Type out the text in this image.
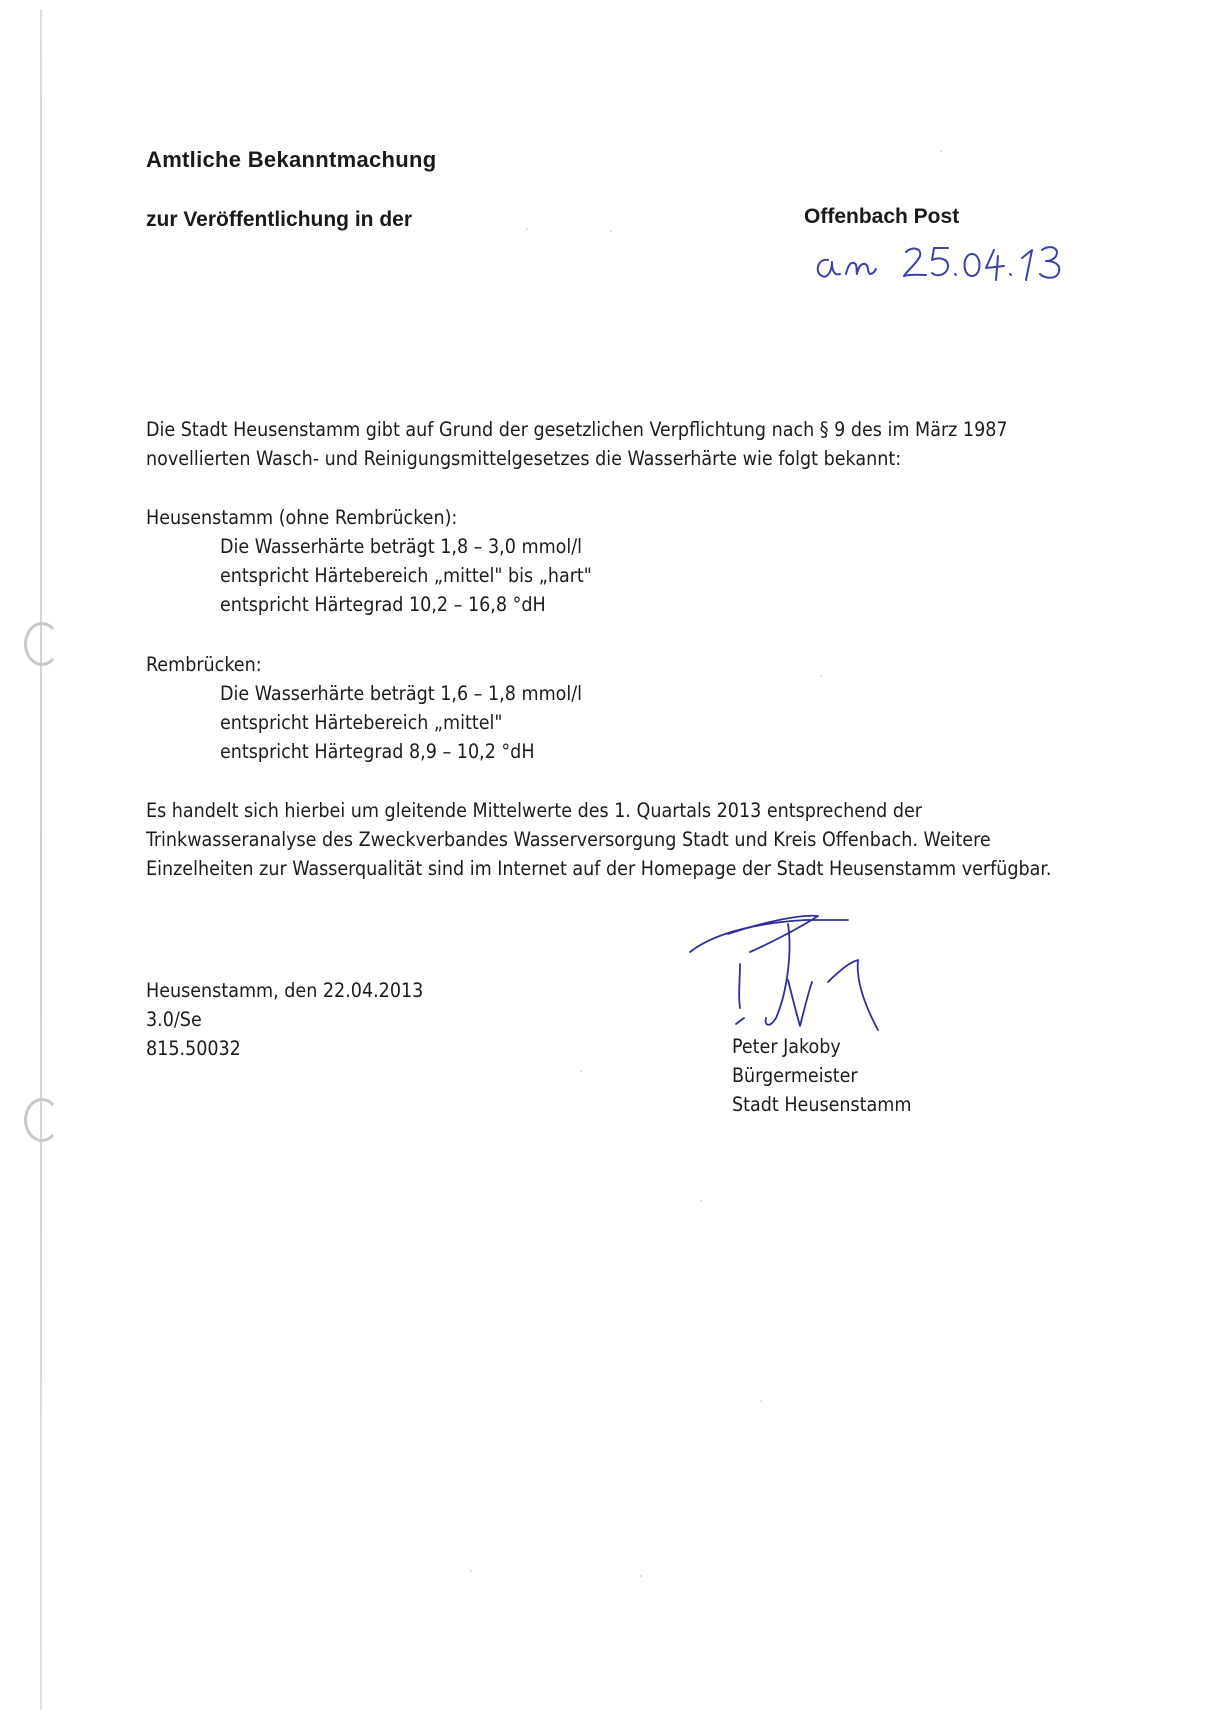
Amtliche Bekanntmachung
zur Veröffentlichung in der	Offenbach Post
Die Stadt Heusenstamm gibt auf Grund der gesetzlichen Verpflichtung nach § 9 des im März 1987
novellierten Wasch- und Reinigungsmittelgesetzes die Wasserhärte wie folgt bekannt:
Heusenstamm (ohne Rembrücken):
Die Wasserhärte beträgt 1,8 – 3,0 mmol/l
entspricht Härtebereich „mittel" bis „hart"
entspricht Härtegrad 10,2 – 16,8 °dH
Rembrücken:
Die Wasserhärte beträgt 1,6 – 1,8 mmol/l
entspricht Härtebereich „mittel"
entspricht Härtegrad 8,9 – 10,2 °dH
Es handelt sich hierbei um gleitende Mittelwerte des 1. Quartals 2013 entsprechend der
Trinkwasseranalyse des Zweckverbandes Wasserversorgung Stadt und Kreis Offenbach. Weitere
Einzelheiten zur Wasserqualität sind im Internet auf der Homepage der Stadt Heusenstamm verfügbar.
Heusenstamm, den 22.04.2013
3.0/Se
815.50032	Peter Jakoby
Bürgermeister
Stadt Heusenstamm
